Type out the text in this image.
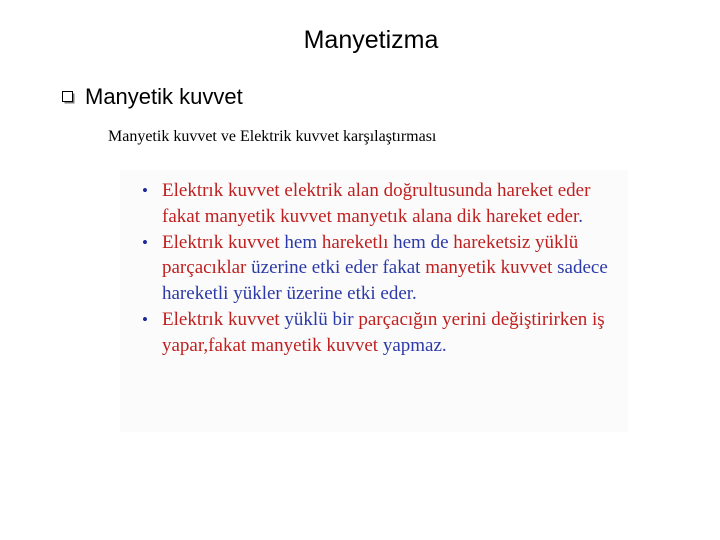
Manyetizma
Manyetik kuvvet
Manyetik kuvvet ve Elektrik kuvvet karşılaştırması
• Elektrık kuvvet elektrik alan doğrultusunda hareket eder fakat manyetik kuvvet manyetık alana dik hareket eder.
• Elektrık kuvvet hem hareketlı hem de hareketsiz yüklü parçacıklar üzerine etki eder fakat manyetik kuvvet sadece hareketli yükler üzerine etki eder.
• Elektrık kuvvet yüklü bir parçacığın yerini değiştirirken iş yapar,fakat manyetik kuvvet yapmaz.
